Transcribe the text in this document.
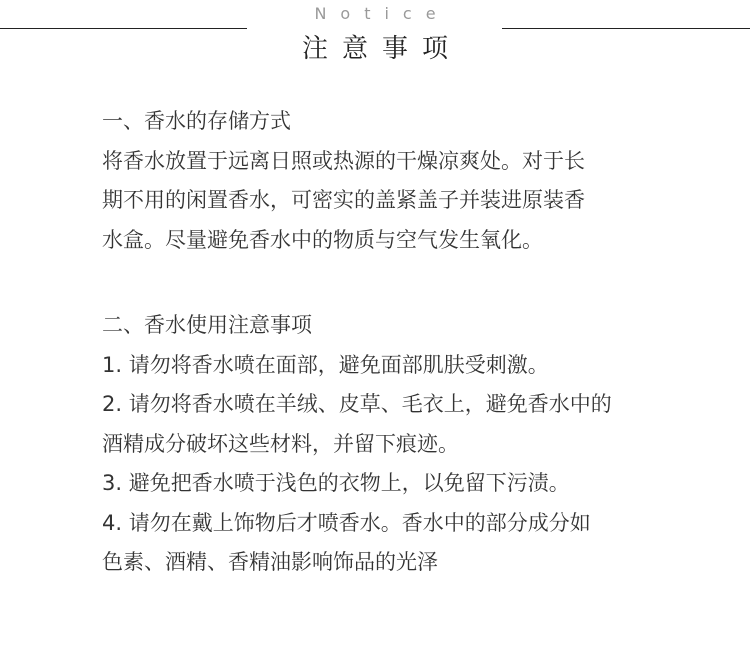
Notice
注意事项
一、香水的存储方式
将香水放置于远离日照或热源的干燥凉爽处。对于长
期不用的闲置香水，可密实的盖紧盖子并装进原装香
水盒。尽量避免香水中的物质与空气发生氧化。
二、香水使用注意事项
1. 请勿将香水喷在面部，避免面部肌肤受刺激。
2. 请勿将香水喷在羊绒、皮草、毛衣上，避免香水中的
酒精成分破坏这些材料，并留下痕迹。
3. 避免把香水喷于浅色的衣物上，以免留下污渍。
4. 请勿在戴上饰物后才喷香水。香水中的部分成分如
色素、酒精、香精油影响饰品的光泽
